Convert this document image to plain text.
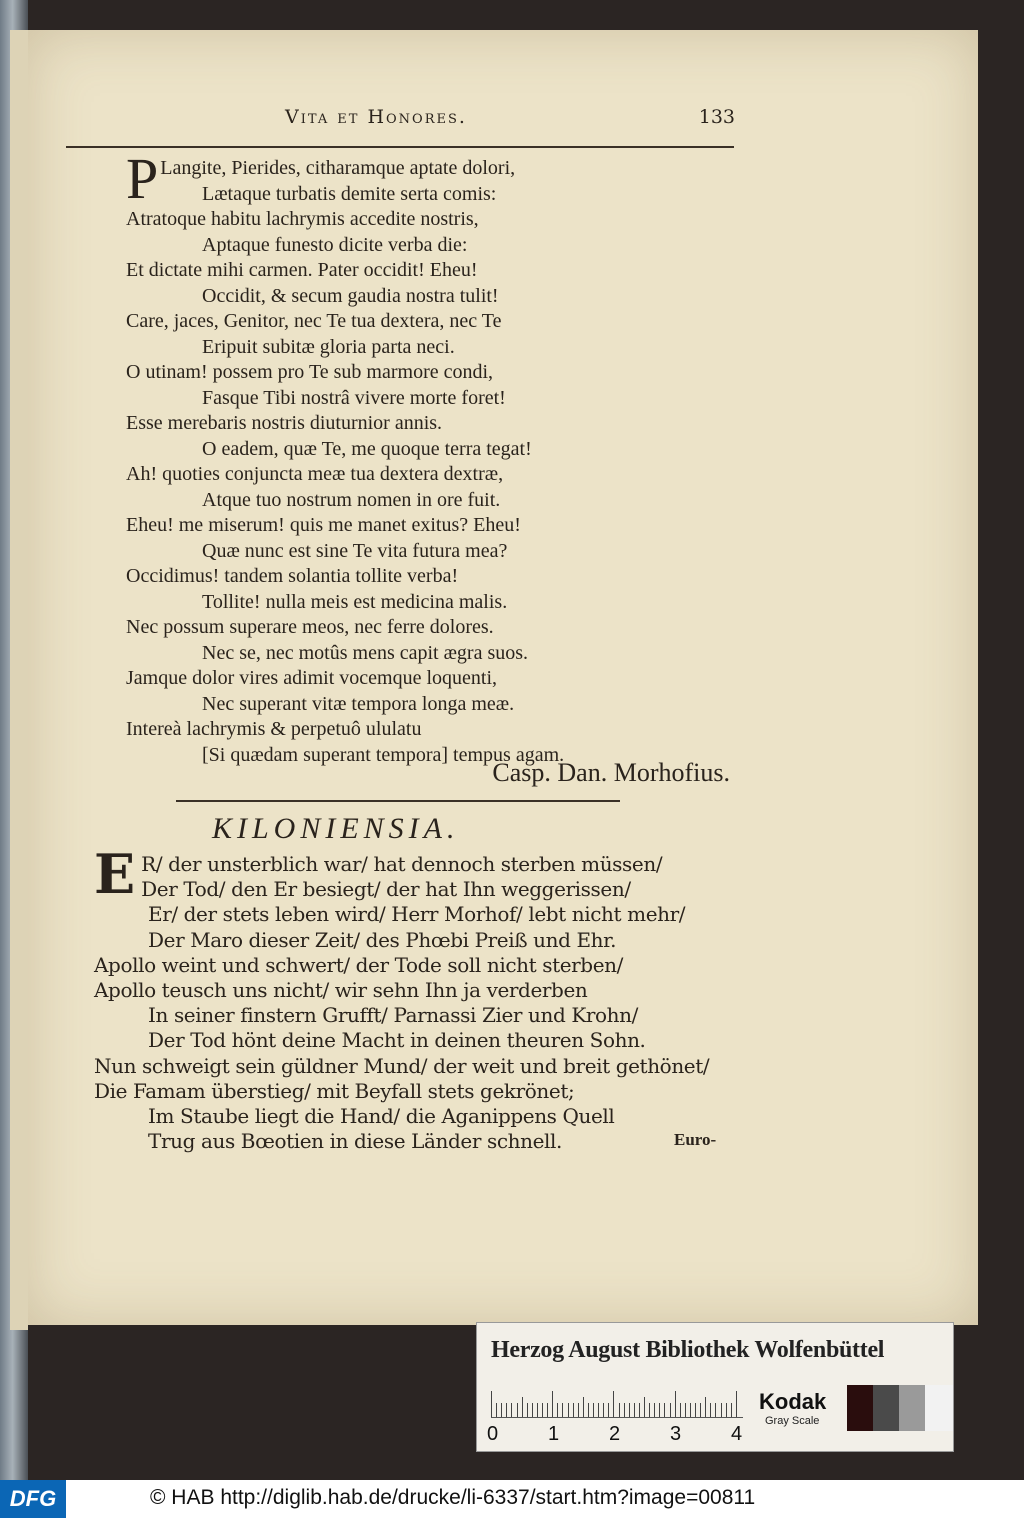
Vita et Honores.	133
P Langite, Pierides, citharamque aptate dolori,
Lætaque turbatis demite serta comis:
Atratoque habitu lachrymis accedite nostris,
Aptaque funesto dicite verba die:
Et dictate mihi carmen. Pater occidit! Eheu!
Occidit, & secum gaudia nostra tulit!
Care, jaces, Genitor, nec Te tua dextera, nec Te
Eripuit subitæ gloria parta neci.
O utinam! possem pro Te sub marmore condi,
Fasque Tibi nostrâ vivere morte foret!
Esse merebaris nostris diuturnior annis.
O eadem, quæ Te, me quoque terra tegat!
Ah! quoties conjuncta meæ tua dextera dextræ,
Atque tuo nostrum nomen in ore fuit.
Eheu! me miserum! quis me manet exitus? Eheu!
Quæ nunc est sine Te vita futura mea?
Occidimus! tandem solantia tollite verba!
Tollite! nulla meis est medicina malis.
Nec possum superare meos, nec ferre dolores.
Nec se, nec motûs mens capit ægra suos.
Jamque dolor vires adimit vocemque loquenti,
Nec superant vitæ tempora longa meæ.
Intereà lachrymis & perpetuô ululatu
[Si quædam superant tempora] tempus agam.
Casp. Dan. Morhofius.
KILONIENSIA.
E R/ der unsterblich war/ hat dennoch sterben müssen/
Der Tod/ den Er besiegt/ der hat Ihn weggerissen/
Er/ der stets leben wird/ Herr Morhof/ lebt nicht mehr/
Der Maro dieser Zeit/ des Phœbi Preiß und Ehr.
Apollo weint und schwert/ der Tode soll nicht sterben/
Apollo teusch uns nicht/ wir sehn Ihn ja verderben
In seiner finstern Grufft/ Parnassi Zier und Krohn/
Der Tod hönt deine Macht in deinen theuren Sohn.
Nun schweigt sein güldner Mund/ der weit und breit gethönet/
Die Famam überstieg/ mit Beyfall stets gekrönet;
Im Staube liegt die Hand/ die Aganippens Quell
Trug aus Bœotien in diese Länder schnell.	Euro-
Herzog August Bibliothek Wolfenbüttel
Kodak
Gray Scale
0 1 2 3 4
DFG	© HAB http://diglib.hab.de/drucke/li-6337/start.htm?image=00811
